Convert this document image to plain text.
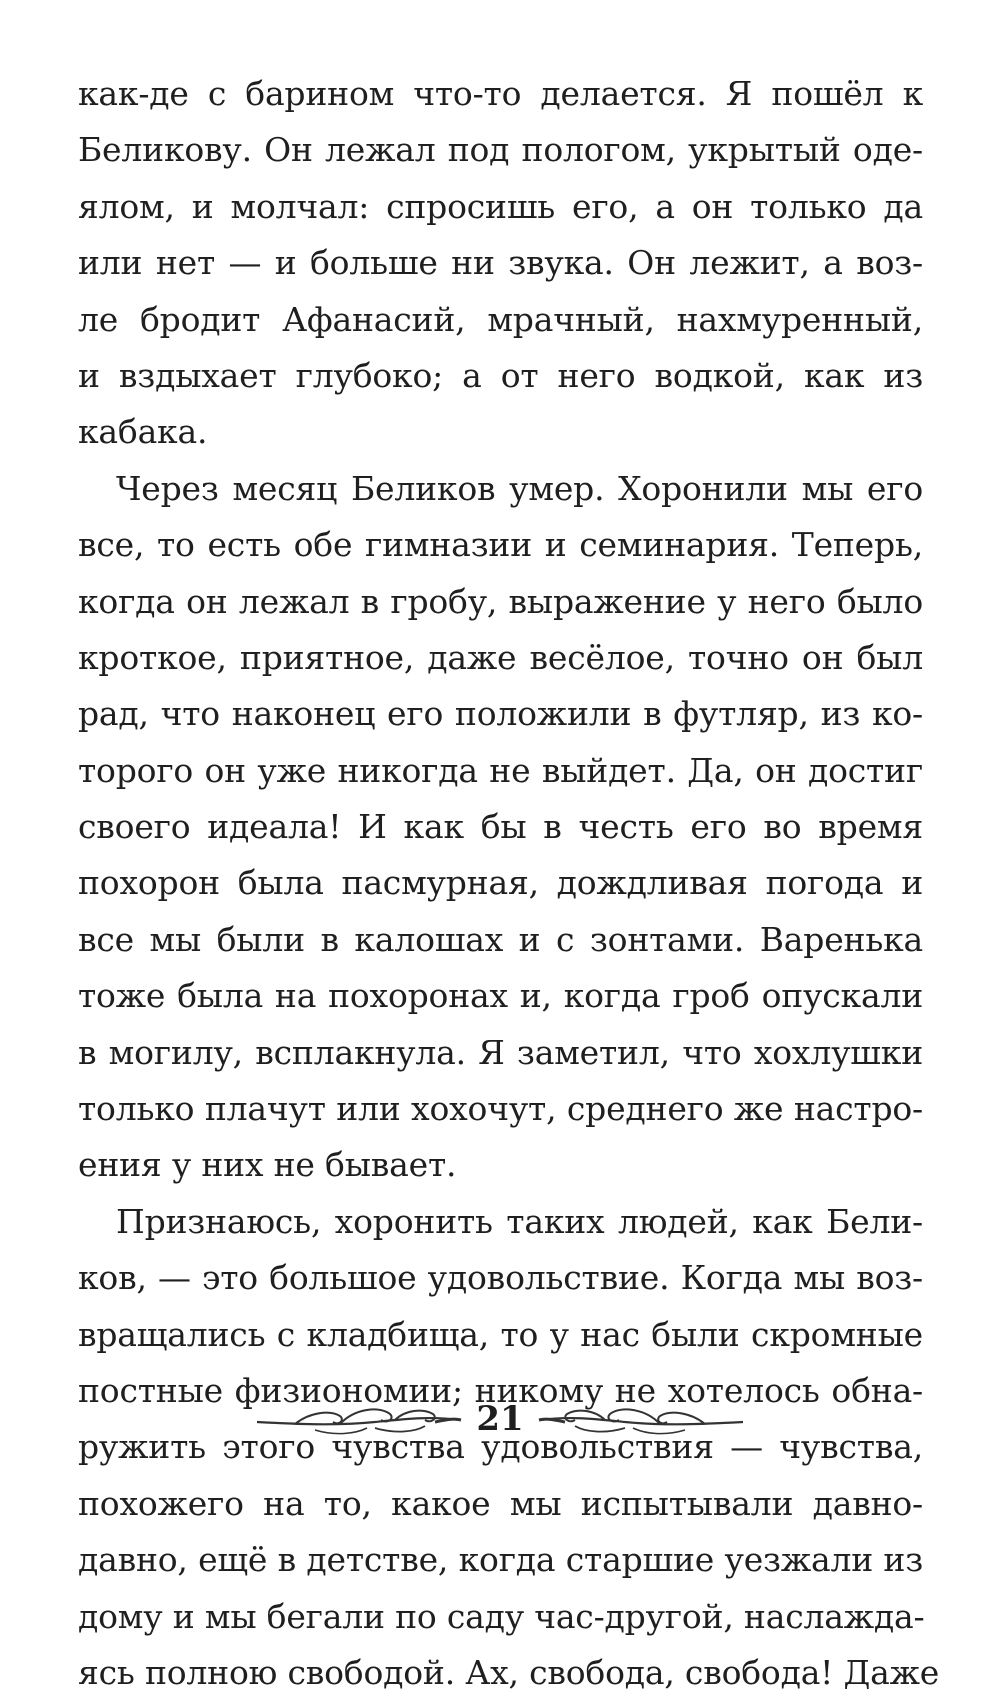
как-де с барином что-то делается. Я пошёл к
Беликову. Он лежал под пологом, укрытый оде-
ялом, и молчал: спросишь его, а он только да
или нет — и больше ни звука. Он лежит, а воз-
ле бродит Афанасий, мрачный, нахмуренный,
и вздыхает глубоко; а от него водкой, как из
кабака.
Через месяц Беликов умер. Хоронили мы его
все, то есть обе гимназии и семинария. Теперь,
когда он лежал в гробу, выражение у него было
кроткое, приятное, даже весёлое, точно он был
рад, что наконец его положили в футляр, из ко-
торого он уже никогда не выйдет. Да, он достиг
своего идеала! И как бы в честь его во время
похорон была пасмурная, дождливая погода и
все мы были в калошах и с зонтами. Варенька
тоже была на похоронах и, когда гроб опускали
в могилу, всплакнула. Я заметил, что хохлушки
только плачут или хохочут, среднего же настро-
ения у них не бывает.
Признаюсь, хоронить таких людей, как Бели-
ков, — это большое удовольствие. Когда мы воз-
вращались с кладбища, то у нас были скромные
постные физиономии; никому не хотелось обна-
ружить этого чувства удовольствия — чувства,
похожего на то, какое мы испытывали давно-
давно, ещё в детстве, когда старшие уезжали из
дому и мы бегали по саду час-другой, наслажда-
ясь полною свободой. Ах, свобода, свобода! Даже
21
